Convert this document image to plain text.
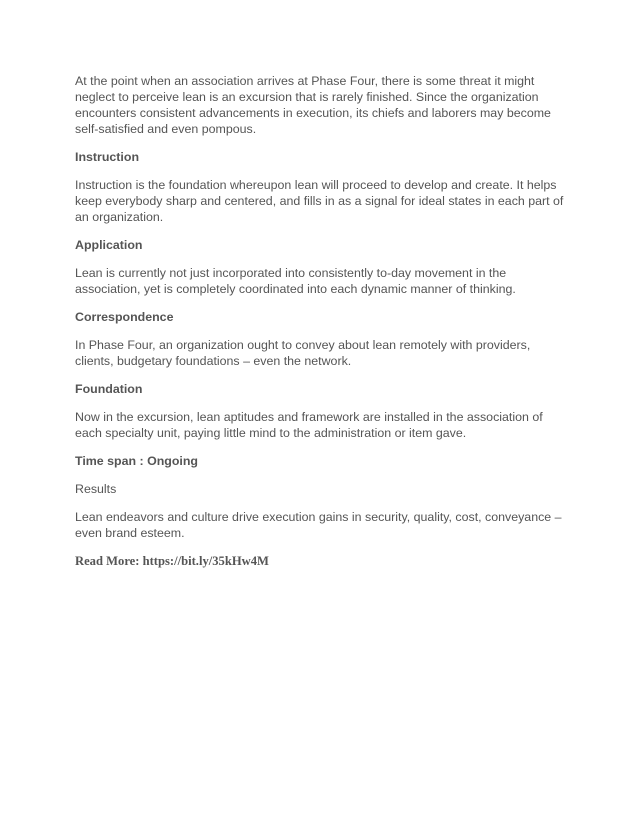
At the point when an association arrives at Phase Four, there is some threat it might neglect to perceive lean is an excursion that is rarely finished. Since the organization encounters consistent advancements in execution, its chiefs and laborers may become self-satisfied and even pompous.

Instruction

Instruction is the foundation whereupon lean will proceed to develop and create. It helps keep everybody sharp and centered, and fills in as a signal for ideal states in each part of an organization.

Application

Lean is currently not just incorporated into consistently to-day movement in the association, yet is completely coordinated into each dynamic manner of thinking.

Correspondence

In Phase Four, an organization ought to convey about lean remotely with providers, clients, budgetary foundations – even the network.

Foundation

Now in the excursion, lean aptitudes and framework are installed in the association of each specialty unit, paying little mind to the administration or item gave.

Time span : Ongoing

Results

Lean endeavors and culture drive execution gains in security, quality, cost, conveyance – even brand esteem.

Read More: https://bit.ly/35kHw4M
